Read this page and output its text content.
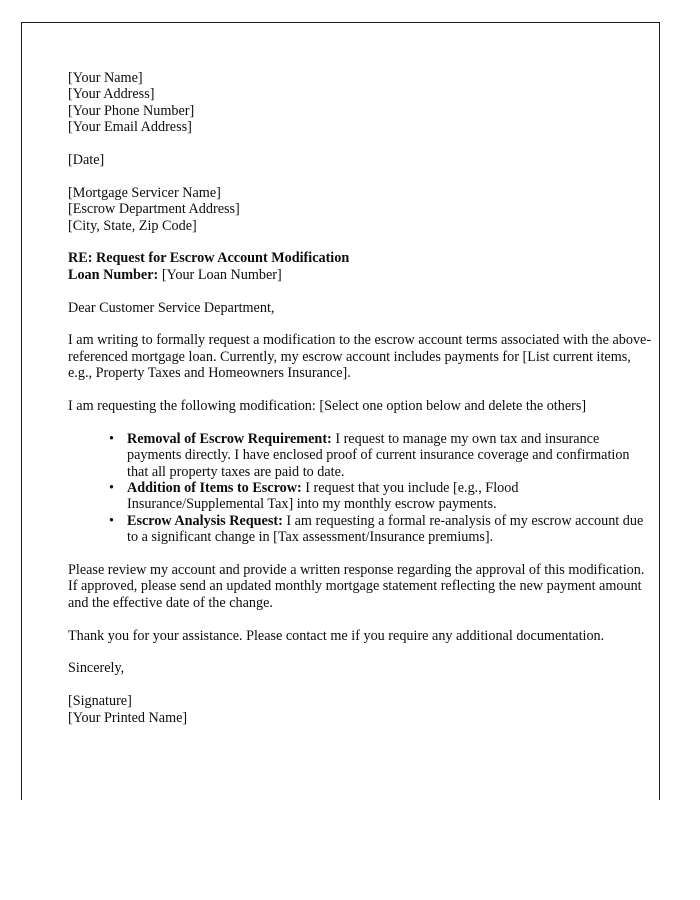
[Your Name]
[Your Address]
[Your Phone Number]
[Your Email Address]
[Date]
[Mortgage Servicer Name]
[Escrow Department Address]
[City, State, Zip Code]
RE: Request for Escrow Account Modification
Loan Number: [Your Loan Number]
Dear Customer Service Department,
I am writing to formally request a modification to the escrow account terms associated with the above-referenced mortgage loan. Currently, my escrow account includes payments for [List current items, e.g., Property Taxes and Homeowners Insurance].
I am requesting the following modification: [Select one option below and delete the others]
• Removal of Escrow Requirement: I request to manage my own tax and insurance payments directly. I have enclosed proof of current insurance coverage and confirmation that all property taxes are paid to date.
• Addition of Items to Escrow: I request that you include [e.g., Flood Insurance/Supplemental Tax] into my monthly escrow payments.
• Escrow Analysis Request: I am requesting a formal re-analysis of my escrow account due to a significant change in [Tax assessment/Insurance premiums].
Please review my account and provide a written response regarding the approval of this modification. If approved, please send an updated monthly mortgage statement reflecting the new payment amount and the effective date of the change.
Thank you for your assistance. Please contact me if you require any additional documentation.
Sincerely,
[Signature]
[Your Printed Name]
